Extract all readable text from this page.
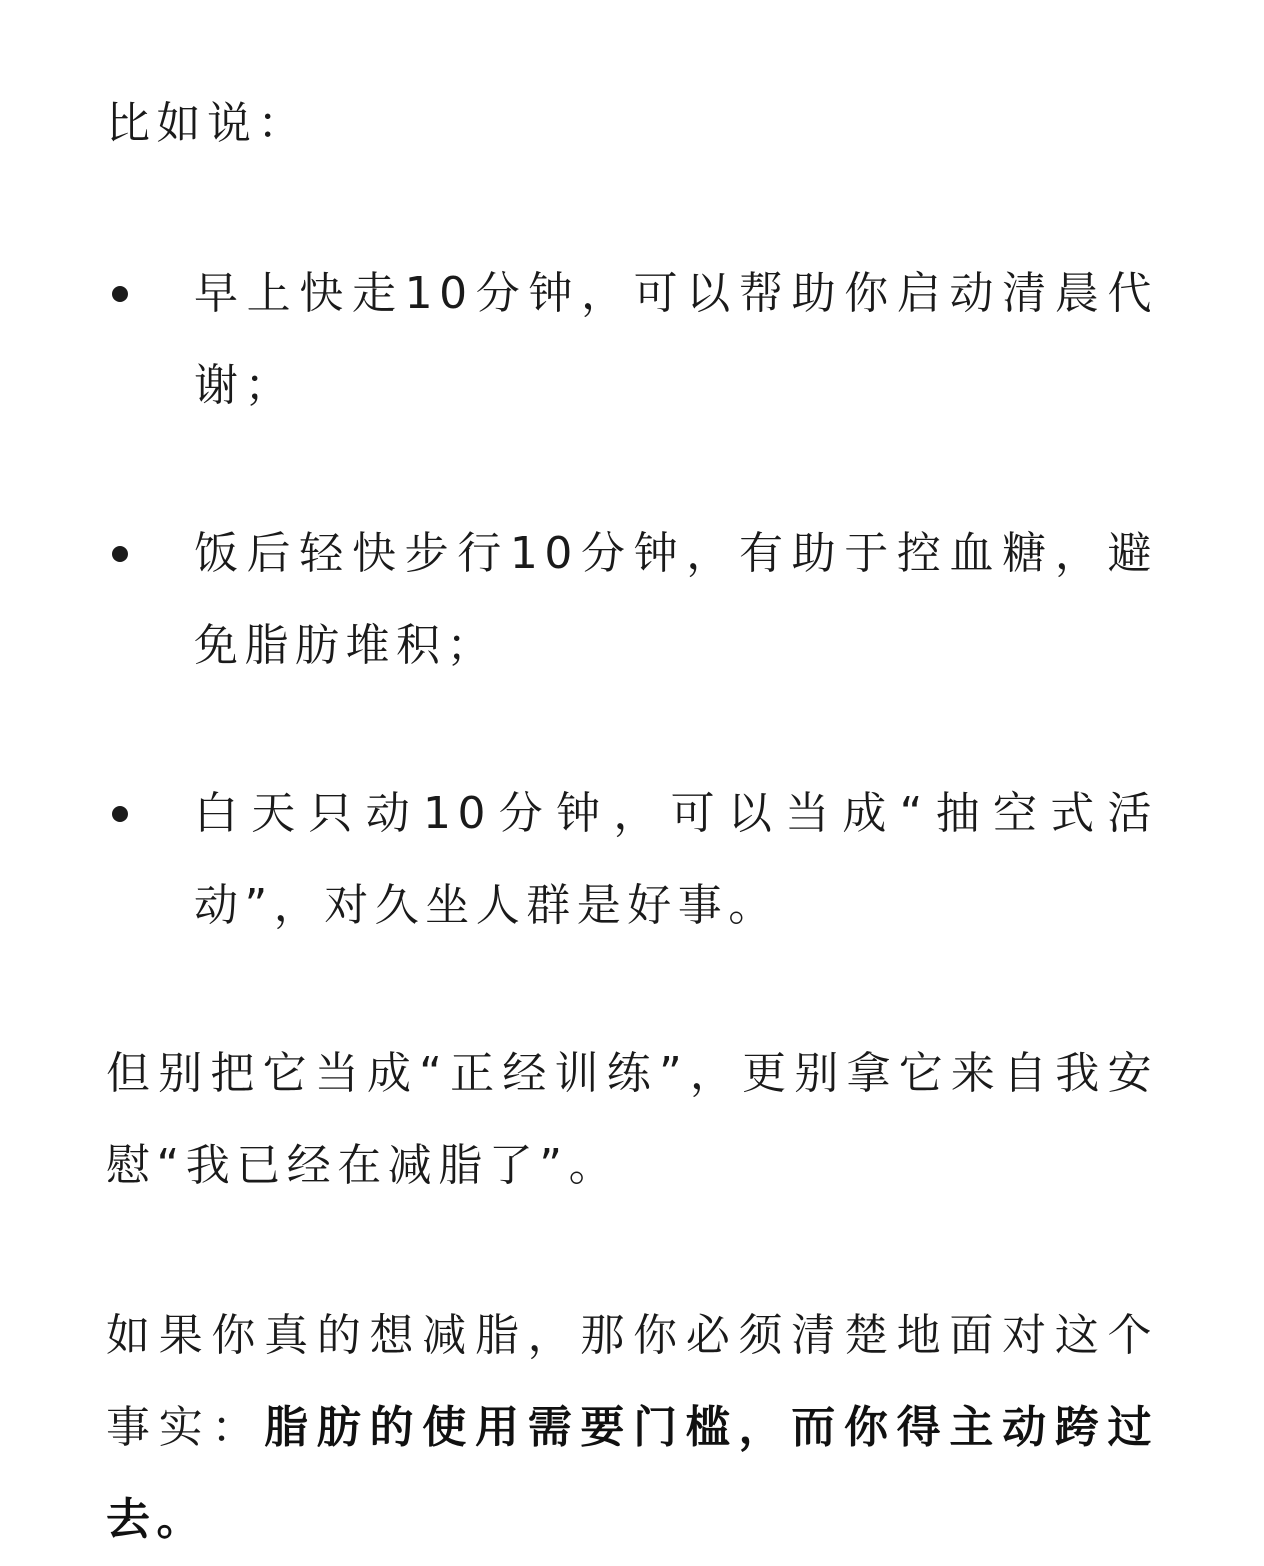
比如说：

早上快走10分钟，可以帮助你启动清晨代谢；
饭后轻快步行10分钟，有助于控血糖，避免脂肪堆积；
白天只动10分钟，可以当成“抽空式活动”，对久坐人群是好事。

但别把它当成“正经训练”，更别拿它来自我安慰“我已经在减脂了”。

如果你真的想减脂，那你必须清楚地面对这个事实：脂肪的使用需要门槛，而你得主动跨过去。
